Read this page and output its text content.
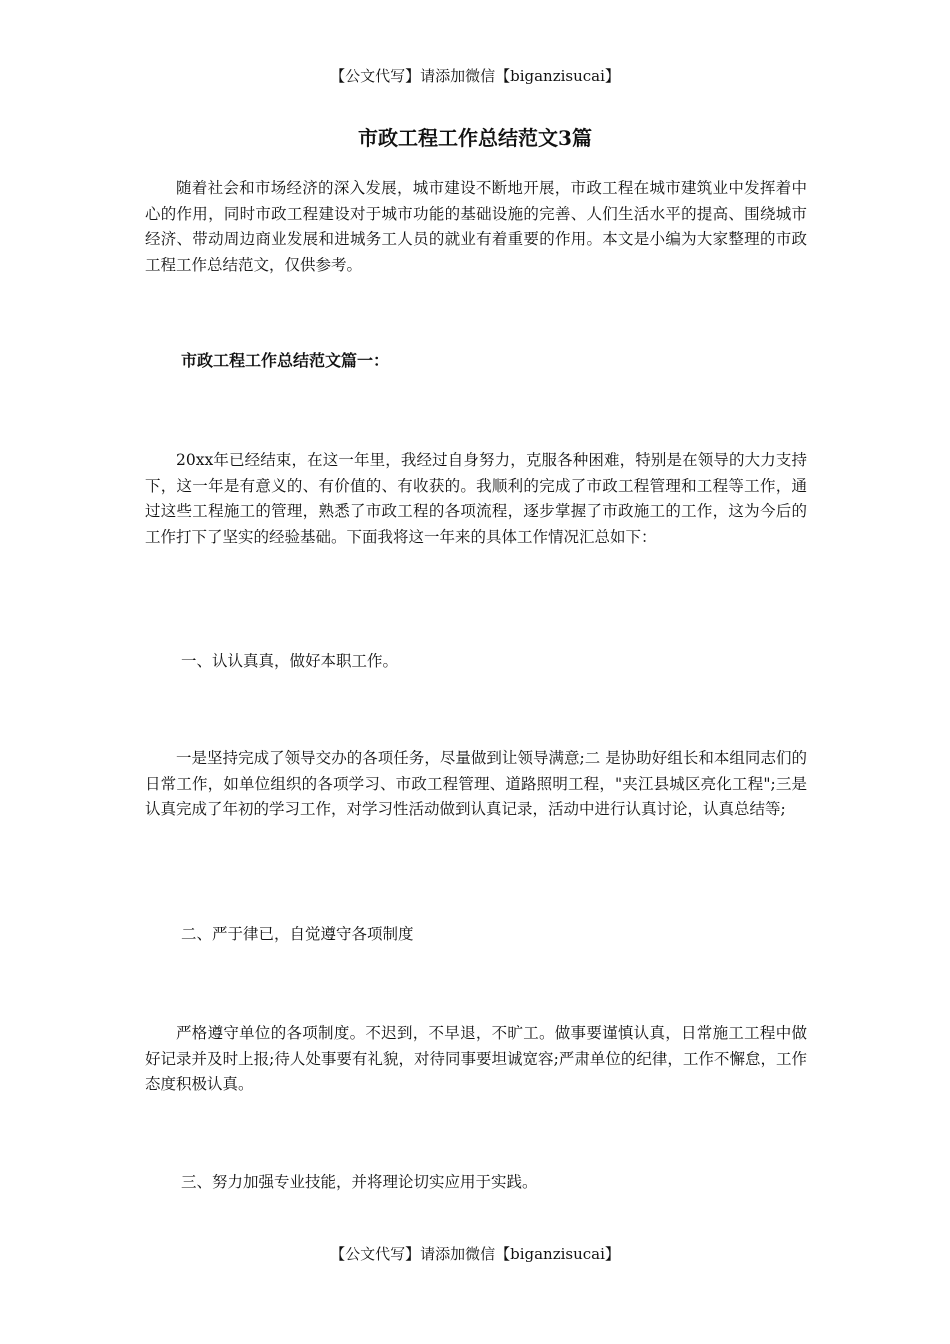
【公文代写】请添加微信【biganzisucai】
市政工程工作总结范文3篇

随着社会和市场经济的深入发展，城市建设不断地开展，市政工程在城市建筑业中发挥着中心的作用，同时市政工程建设对于城市功能的基础设施的完善、人们生活水平的提高、围绕城市经济、带动周边商业发展和进城务工人员的就业有着重要的作用。本文是小编为大家整理的市政工程工作总结范文，仅供参考。

市政工程工作总结范文篇一：

20xx年已经结束，在这一年里，我经过自身努力，克服各种困难，特别是在领导的大力支持下，这一年是有意义的、有价值的、有收获的。我顺利的完成了市政工程管理和工程等工作，通过这些工程施工的管理，熟悉了市政工程的各项流程，逐步掌握了市政施工的工作，这为今后的工作打下了坚实的经验基础。下面我将这一年来的具体工作情况汇总如下：

一、认认真真，做好本职工作。

一是坚持完成了领导交办的各项任务，尽量做到让领导满意;二 是协助好组长和本组同志们的日常工作，如单位组织的各项学习、市政工程管理、道路照明工程，"夹江县城区亮化工程";三是认真完成了年初的学习工作，对学习性活动做到认真记录，活动中进行认真讨论，认真总结等;

二、严于律已，自觉遵守各项制度

严格遵守单位的各项制度。不迟到，不早退，不旷工。做事要谨慎认真，日常施工工程中做好记录并及时上报;待人处事要有礼貌，对待同事要坦诚宽容;严肃单位的纪律，工作不懈怠，工作态度积极认真。

三、努力加强专业技能，并将理论切实应用于实践。

【公文代写】请添加微信【biganzisucai】
